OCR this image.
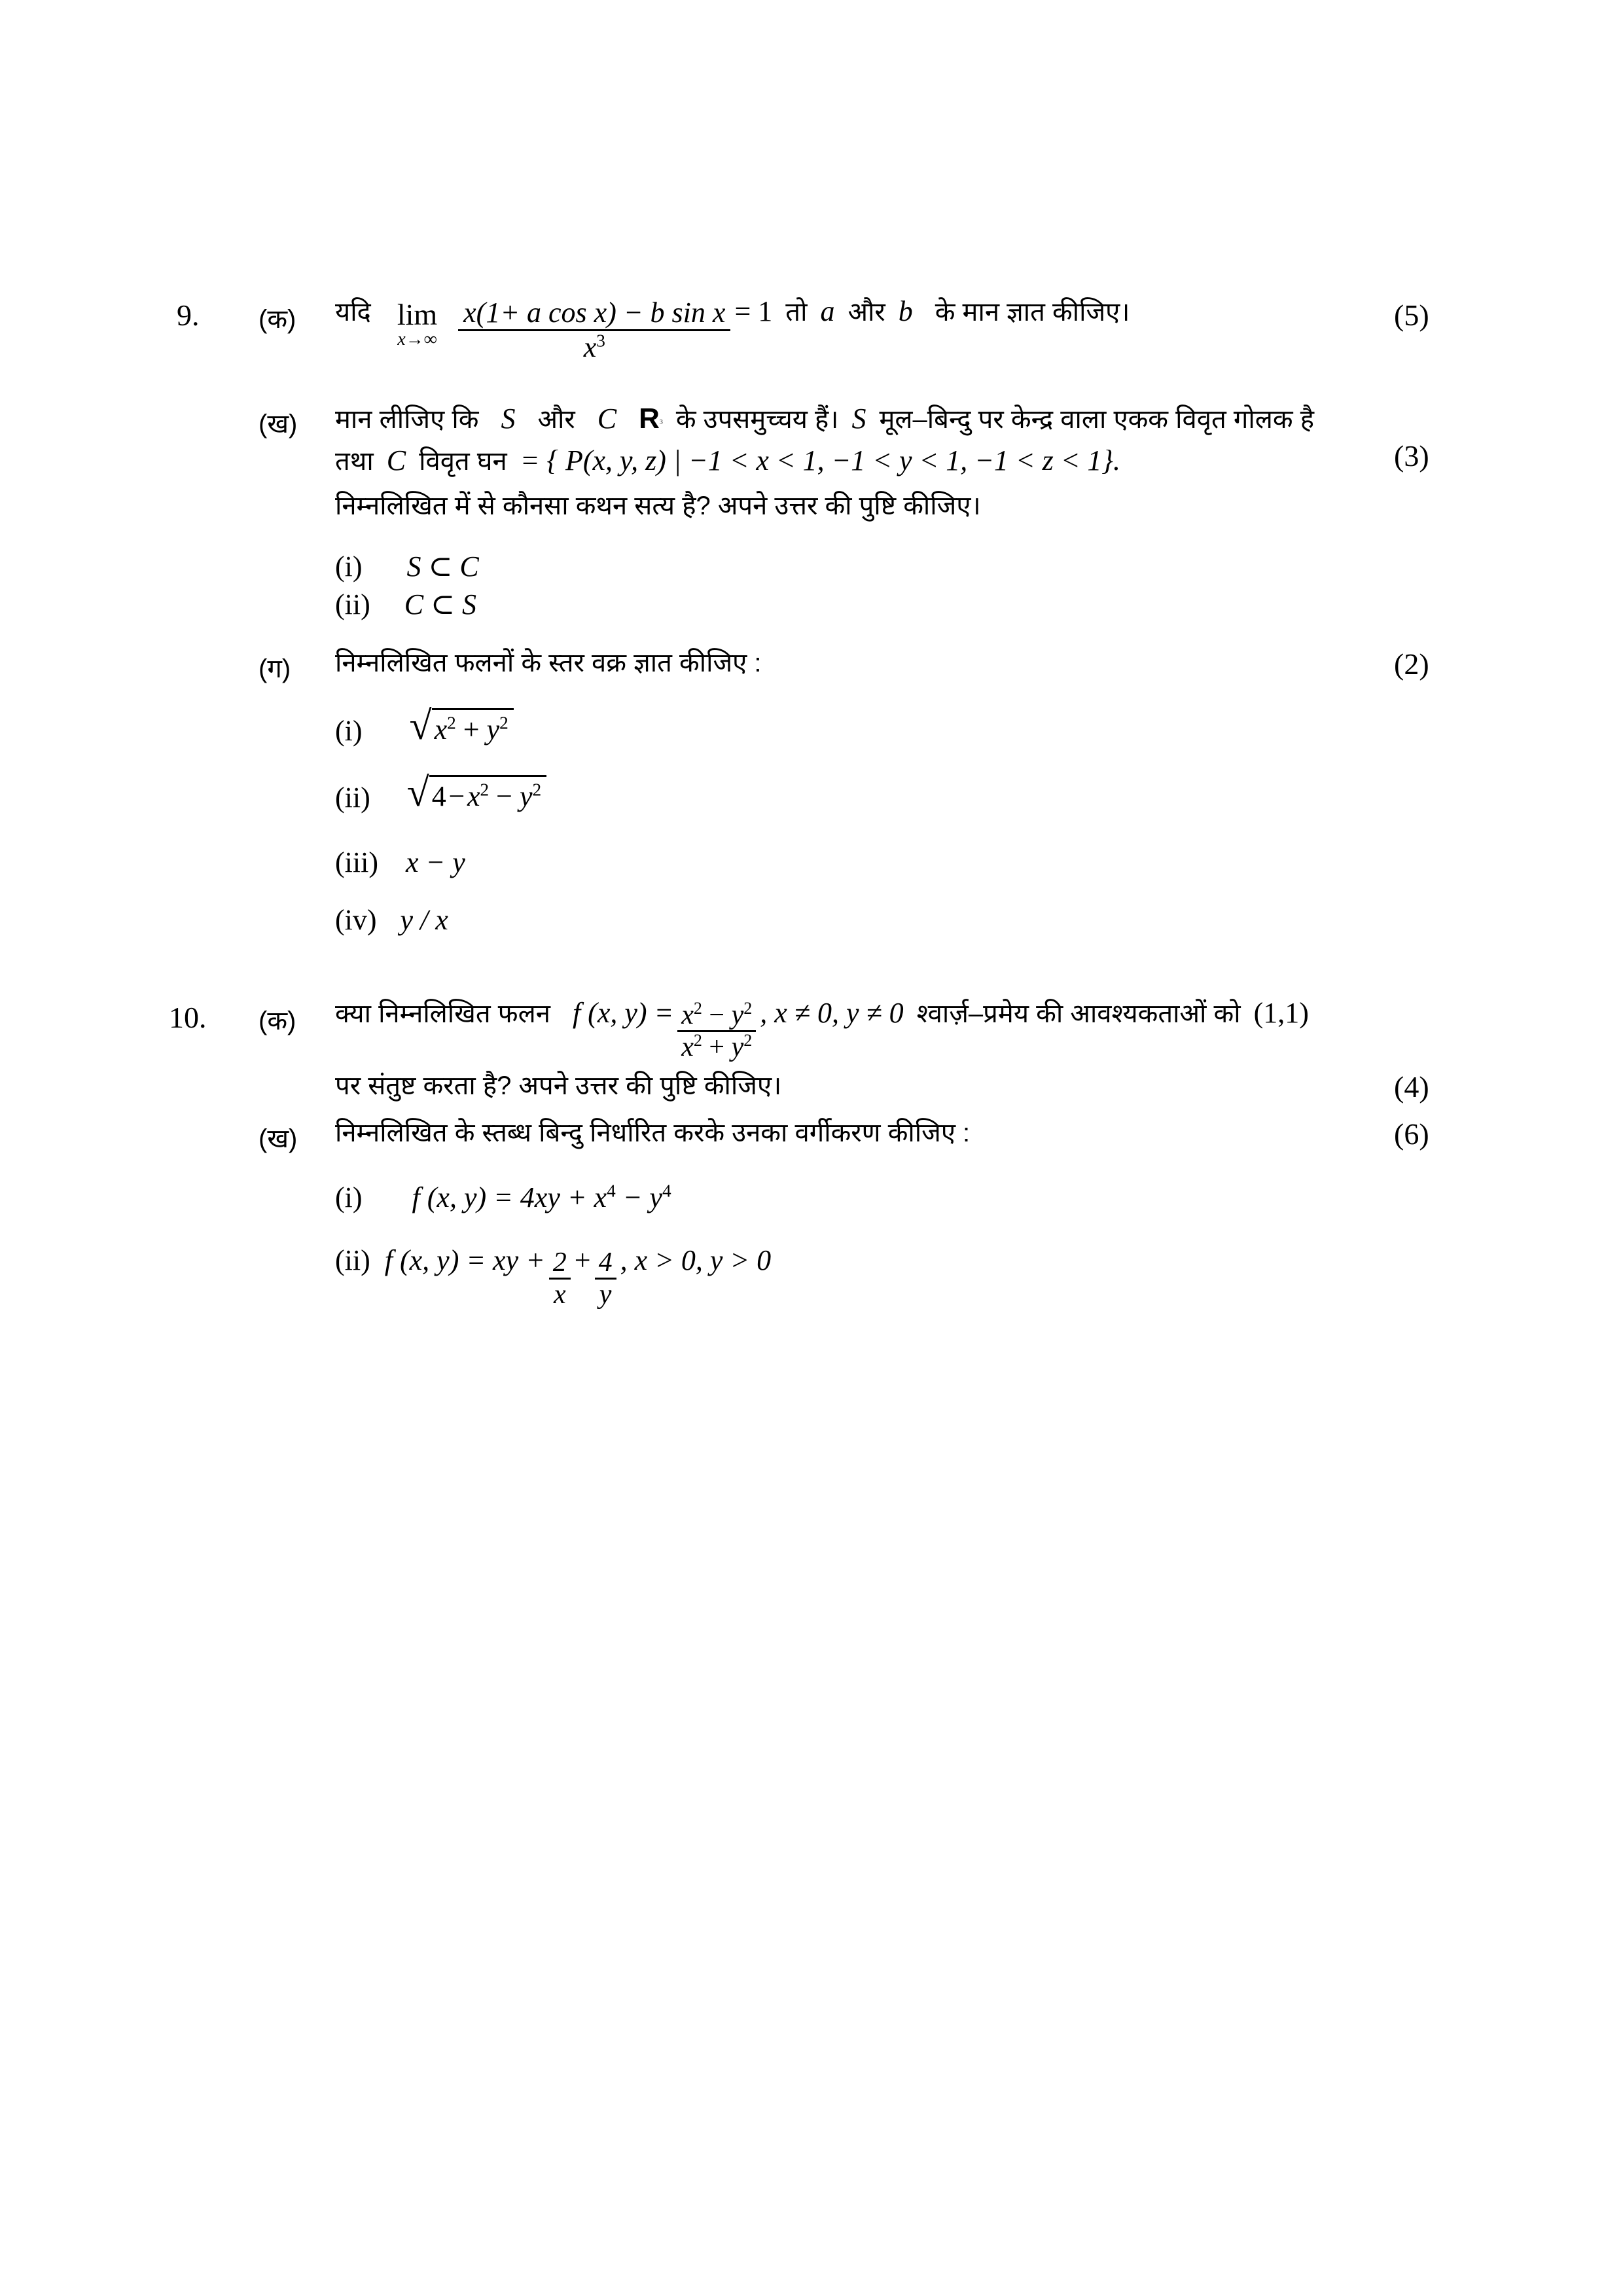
9. (क) यदि lim
$x\to\infty \frac{\text{x(1+ a cos x) − b sin x}}{x^3} = 1$ तो a और b के मान ज्ञात कीजिए।	(5)
(ख) मान लीजिए कि S और C $R^3$ के उपसमुच्चय हैं। S मूल–बिन्दु पर केन्द्र वाला एकक विवृत गोलक है
तथा C विवृत घन = { P(x, y, z) | −1 < x < 1, −1 < y < 1, −1 < z < 1}.	(3)
निम्नलिखित में से कौनसा कथन सत्य है? अपने उत्तर की पुष्टि कीजिए।
(i) S ⊂ C
(ii) C ⊂ S
(ग) निम्नलिखित फलनों के स्तर वक्र ज्ञात कीजिए :	(2)
(i) √ $x^2 + y^2$
(ii) √ 4 − $x^2 - y^2$
(iii) x − y
(iv) y / x
10. (क) क्या निम्नलिखित फलन f (x, $y) = \frac{x^2 - y^2}{x^2 + y^2}$ , x ≠ 0, y ≠ 0 श्वार्ज़–प्रमेय की आवश्यकताओं को (1,1)
पर संतुष्ट करता है? अपने उत्तर की पुष्टि कीजिए।	(4)
(ख) निम्नलिखित के स्तब्ध बिन्दु निर्धारित करके उनका वर्गीकरण कीजिए :	(6)
(i) f (x, $y) = 4xy + x^4 - y^4$
(ii) f (x, y) = xy + $\frac{2}{x} + \frac{4}{y}$ , x > 0, y > 0
